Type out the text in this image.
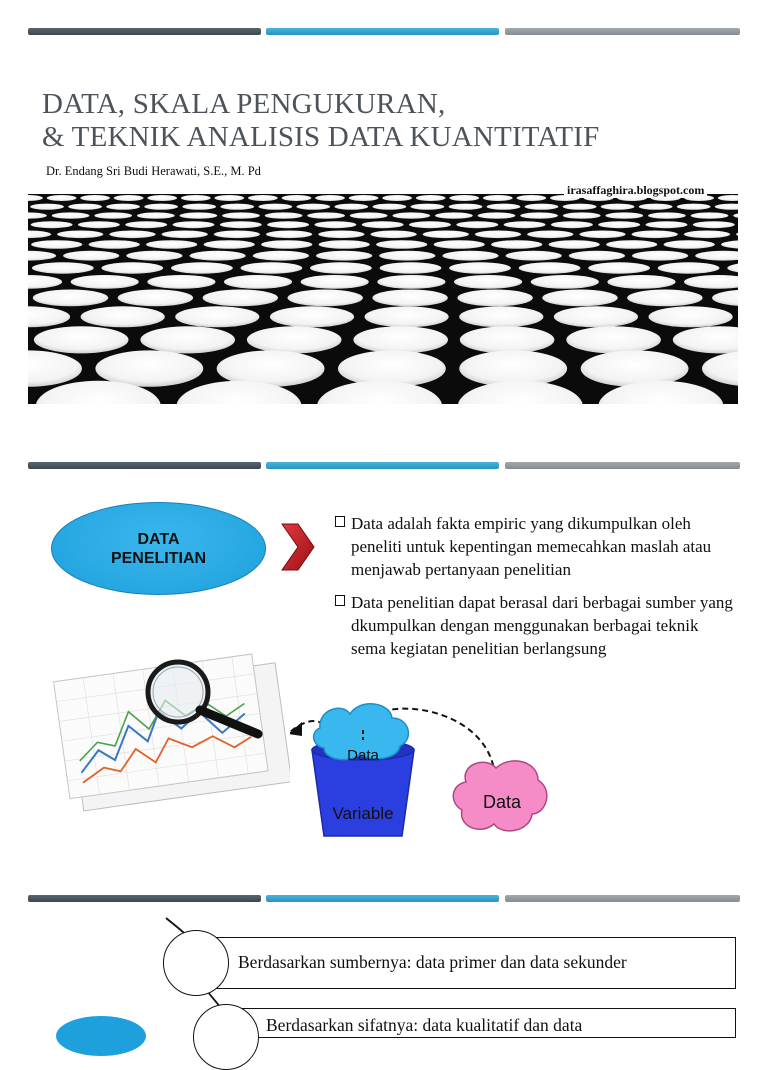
DATA, SKALA PENGUKURAN,
& TEKNIK ANALISIS DATA KUANTITATIF
Dr. Endang Sri Budi Herawati, S.E., M. Pd
irasaffaghira.blogspot.com
DATA
PENELITIAN
Data adalah fakta empiric yang dikumpulkan oleh peneliti untuk kepentingan memecahkan maslah atau menjawab pertanyaan penelitian
Data penelitian dapat berasal dari berbagai sumber yang dkumpulkan dengan menggunakan berbagai teknik sema kegiatan penelitian berlangsung
Data
Variable
Data
Berdasarkan sumbernya: data primer dan data sekunder
Berdasarkan sifatnya: data kualitatif dan data
